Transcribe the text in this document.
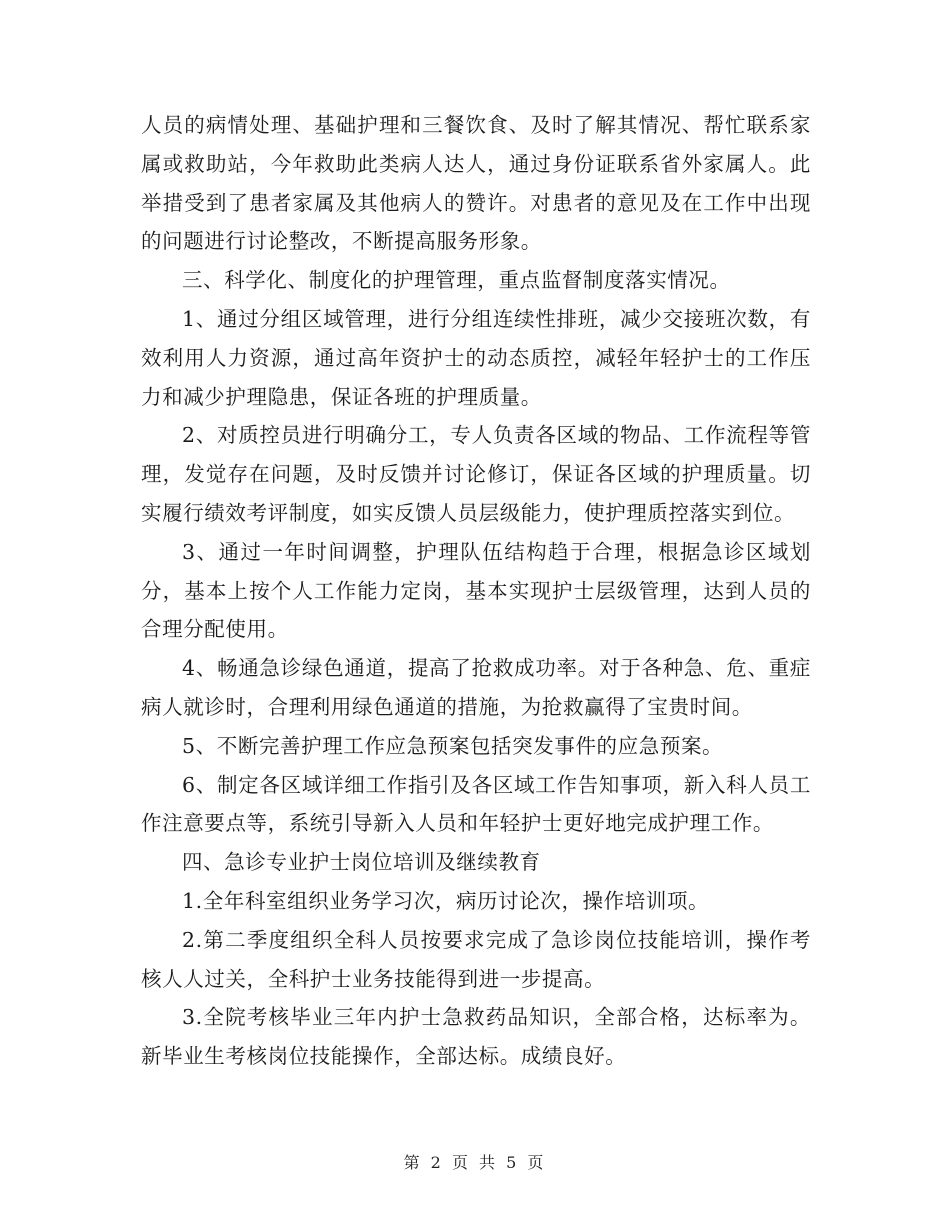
人员的病情处理、基础护理和三餐饮食、及时了解其情况、帮忙联系家属或救助站，今年救助此类病人达人，通过身份证联系省外家属人。此举措受到了患者家属及其他病人的赞许。对患者的意见及在工作中出现的问题进行讨论整改，不断提高服务形象。

三、科学化、制度化的护理管理，重点监督制度落实情况。

1、通过分组区域管理，进行分组连续性排班，减少交接班次数，有效利用人力资源，通过高年资护士的动态质控，减轻年轻护士的工作压力和减少护理隐患，保证各班的护理质量。

2、对质控员进行明确分工，专人负责各区域的物品、工作流程等管理，发觉存在问题，及时反馈并讨论修订，保证各区域的护理质量。切实履行绩效考评制度，如实反馈人员层级能力，使护理质控落实到位。

3、通过一年时间调整，护理队伍结构趋于合理，根据急诊区域划分，基本上按个人工作能力定岗，基本实现护士层级管理，达到人员的合理分配使用。

4、畅通急诊绿色通道，提高了抢救成功率。对于各种急、危、重症病人就诊时，合理利用绿色通道的措施，为抢救赢得了宝贵时间。

5、不断完善护理工作应急预案包括突发事件的应急预案。

6、制定各区域详细工作指引及各区域工作告知事项，新入科人员工作注意要点等，系统引导新入人员和年轻护士更好地完成护理工作。

四、急诊专业护士岗位培训及继续教育

1.全年科室组织业务学习次，病历讨论次，操作培训项。

2.第二季度组织全科人员按要求完成了急诊岗位技能培训，操作考核人人过关，全科护士业务技能得到进一步提高。

3.全院考核毕业三年内护士急救药品知识，全部合格，达标率为。新毕业生考核岗位技能操作，全部达标。成绩良好。

第 2 页 共 5 页
